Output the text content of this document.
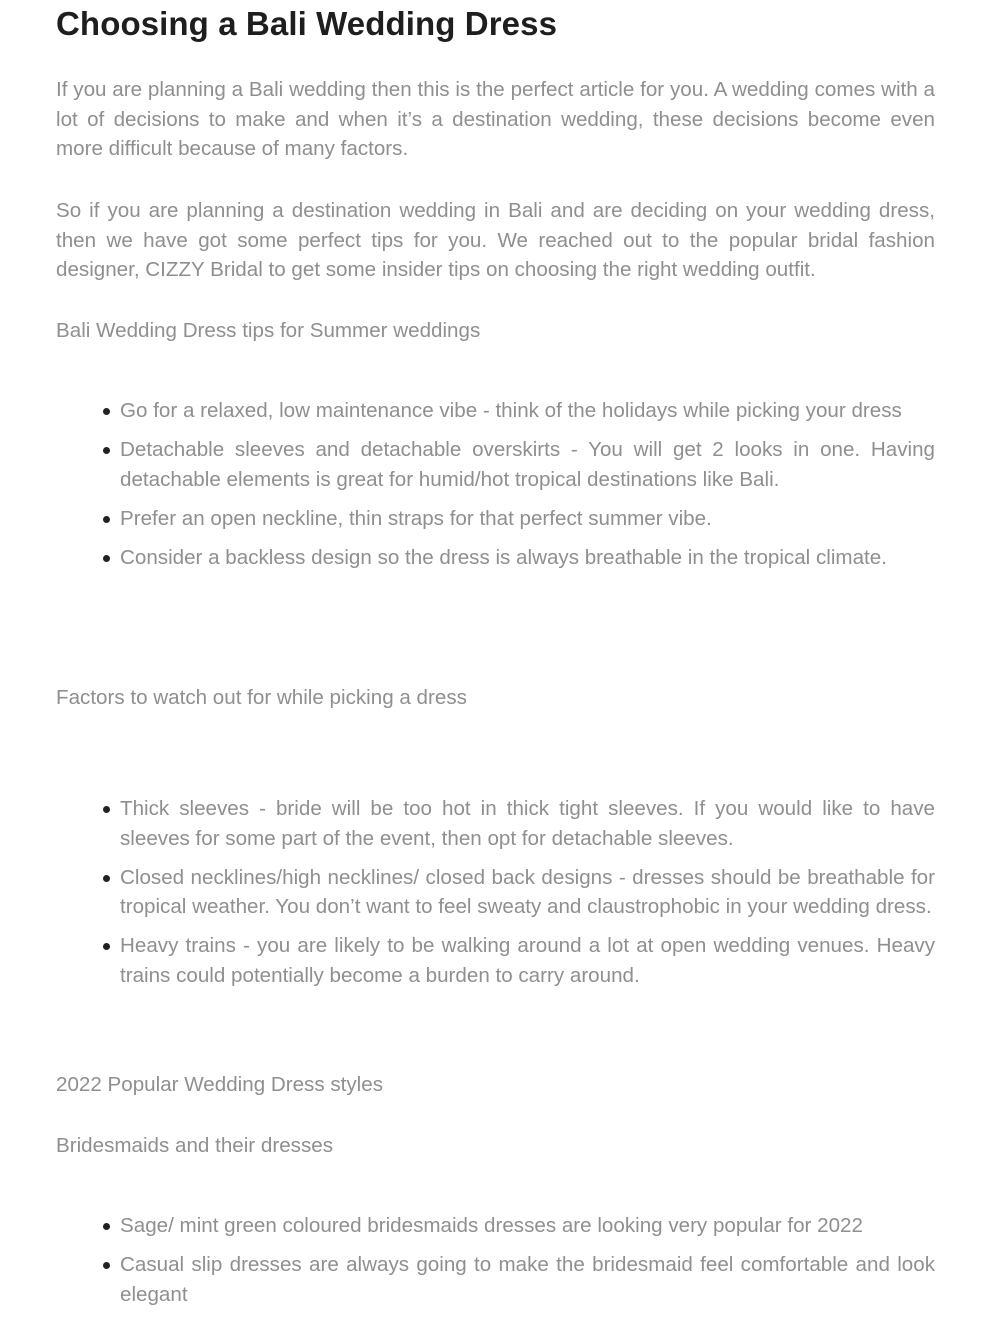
Choosing a Bali Wedding Dress

If you are planning a Bali wedding then this is the perfect article for you. A wedding comes with a lot of decisions to make and when it’s a destination wedding, these decisions become even more difficult because of many factors.

So if you are planning a destination wedding in Bali and are deciding on your wedding dress, then we have got some perfect tips for you. We reached out to the popular bridal fashion designer, CIZZY Bridal to get some insider tips on choosing the right wedding outfit.

Bali Wedding Dress tips for Summer weddings

Go for a relaxed, low maintenance vibe - think of the holidays while picking your dress
Detachable sleeves and detachable overskirts - You will get 2 looks in one. Having detachable elements is great for humid/hot tropical destinations like Bali.
Prefer an open neckline, thin straps for that perfect summer vibe.
Consider a backless design so the dress is always breathable in the tropical climate.

Factors to watch out for while picking a dress

Thick sleeves - bride will be too hot in thick tight sleeves. If you would like to have sleeves for some part of the event, then opt for detachable sleeves.
Closed necklines/high necklines/ closed back designs - dresses should be breathable for tropical weather. You don’t want to feel sweaty and claustrophobic in your wedding dress.
Heavy trains - you are likely to be walking around a lot at open wedding venues. Heavy trains could potentially become a burden to carry around.

2022 Popular Wedding Dress styles

Bridesmaids and their dresses

Sage/ mint green coloured bridesmaids dresses are looking very popular for 2022
Casual slip dresses are always going to make the bridesmaid feel comfortable and look elegant
